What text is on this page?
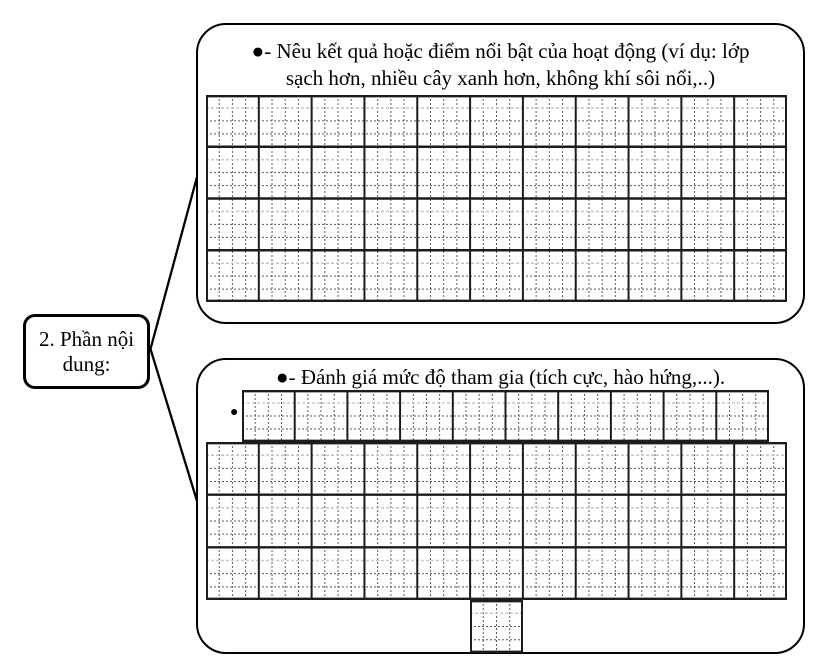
2. Phần nội
dung:
●- Nêu kết quả hoặc điểm nổi bật của hoạt động (ví dụ: lớp
sạch hơn, nhiều cây xanh hơn, không khí sôi nổi,..)
●- Đánh giá mức độ tham gia (tích cực, hào hứng,...).
●
